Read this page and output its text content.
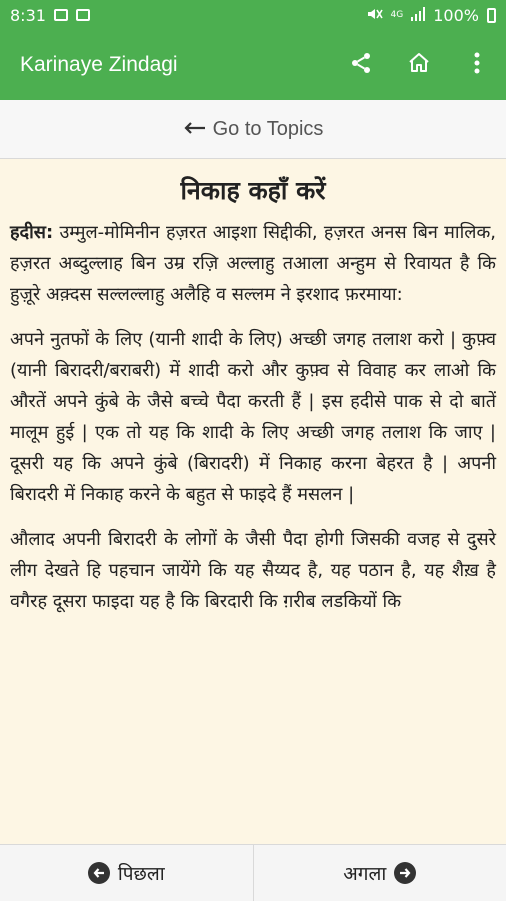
8:31	4G 100%
Karinaye Zindagi
Go to Topics
निकाह कहाँ करें

हदीस: उम्मुल-मोमिनीन हज़रत आइशा सिद्दीकी, हज़रत अनस बिन मालिक, हज़रत अब्दुल्लाह बिन उम्र रज़ि अल्लाहु तआला अन्हुम से रिवायत है कि हुज़ूरे अक़्दस सल्लल्लाहु अलैहि व सल्लम ने इरशाद फ़रमाया:

अपने नुतफों के लिए (यानी शादी के लिए) अच्छी जगह तलाश करो | कुफ़्व (यानी बिरादरी/बराबरी) में शादी करो और कुफ़्व से विवाह कर लाओ कि औरतें अपने कुंबे के जैसे बच्चे पैदा करती हैं | इस हदीसे पाक से दो बातें मालूम हुई | एक तो यह कि शादी के लिए अच्छी जगह तलाश कि जाए | दूसरी यह कि अपने कुंबे (बिरादरी) में निकाह करना बेहरत है | अपनी बिरादरी में निकाह करने के बहुत से फाइदे हैं मसलन |

औलाद अपनी बिरादरी के लोगों के जैसी पैदा होगी जिसकी वजह से दुसरे लीग देखते हि पहचान जायेंगे कि यह सैय्यद है, यह पठान है, यह शैख़ है वगैरह दूसरा फाइदा यह है कि बिरदारी कि ग़रीब लडकियों कि

पिछला	अगला
